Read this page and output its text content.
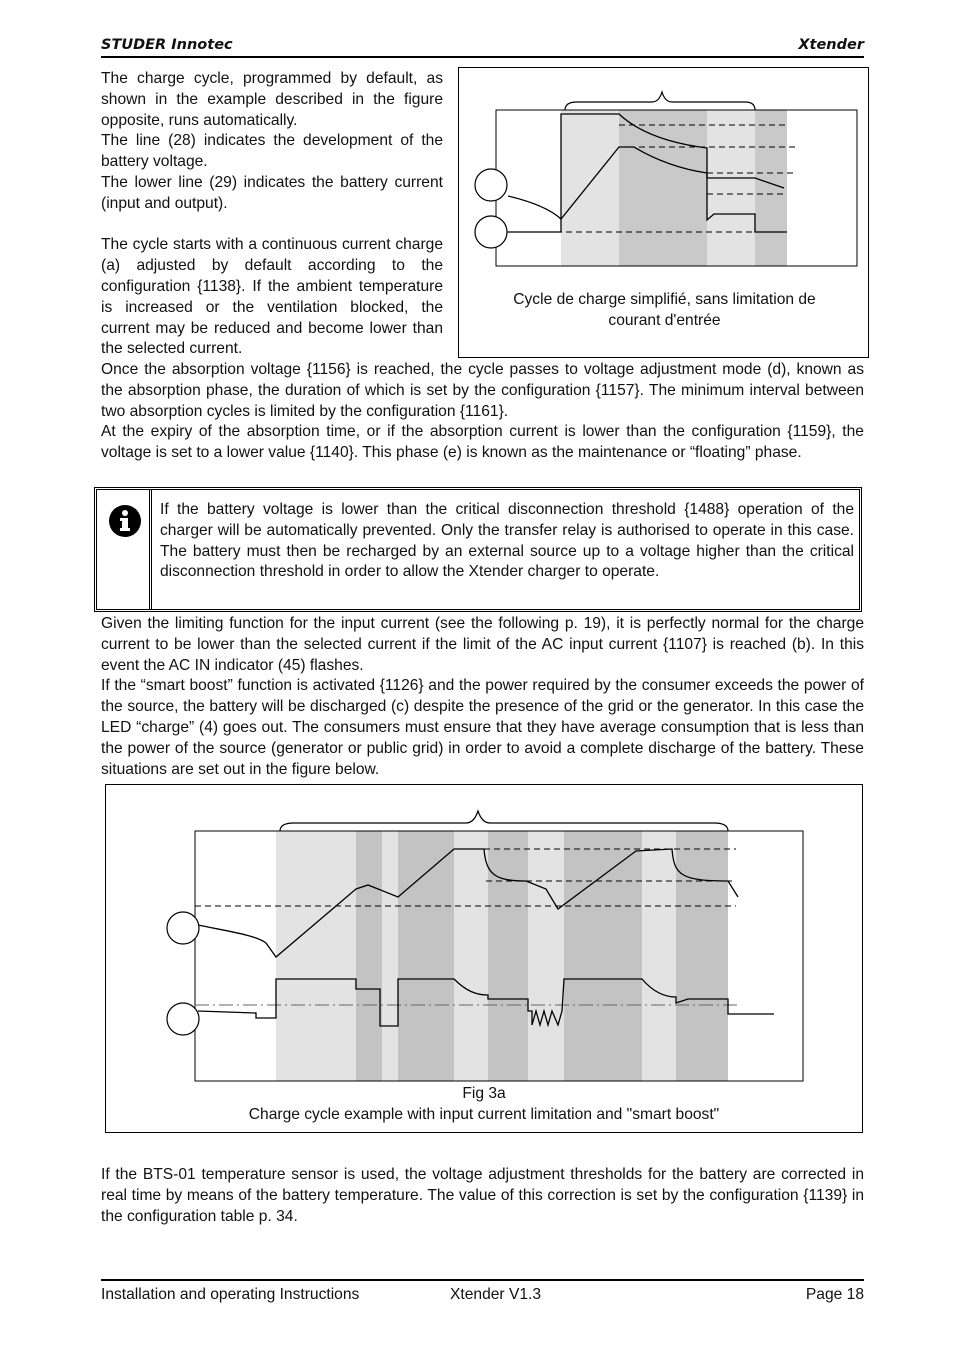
STUDER Innotec	Xtender

The charge cycle, programmed by default, as shown in the example described in the figure opposite, runs automatically.

The line (28) indicates the development of the battery voltage.

The lower line (29) indicates the battery current (input and output).

The cycle starts with a continuous current charge (a) adjusted by default according to the configuration {1138}. If the ambient temperature is increased or the ventilation blocked, the current may be reduced and become lower than the selected current.

Cycle de charge simplifié, sans limitation de
courant d'entrée

Once the absorption voltage {1156} is reached, the cycle passes to voltage adjustment mode (d), known as the absorption phase, the duration of which is set by the configuration {1157}. The minimum interval between two absorption cycles is limited by the configuration {1161}.

At the expiry of the absorption time, or if the absorption current is lower than the configuration {1159}, the voltage is set to a lower value {1140}. This phase (e) is known as the maintenance or “floating” phase.

If the battery voltage is lower than the critical disconnection threshold {1488} operation of the charger will be automatically prevented. Only the transfer relay is authorised to operate in this case. The battery must then be recharged by an external source up to a voltage higher than the critical disconnection threshold in order to allow the Xtender charger to operate.

Given the limiting function for the input current (see the following p. 19), it is perfectly normal for the charge current to be lower than the selected current if the limit of the AC input current {1107} is reached (b). In this event the AC IN indicator (45) flashes.

If the “smart boost” function is activated {1126} and the power required by the consumer exceeds the power of the source, the battery will be discharged (c) despite the presence of the grid or the generator. In this case the LED “charge” (4) goes out. The consumers must ensure that they have average consumption that is less than the power of the source (generator or public grid) in order to avoid a complete discharge of the battery. These situations are set out in the figure below.

Fig 3a
Charge cycle example with input current limitation and "smart boost"
If the BTS-01 temperature sensor is used, the voltage adjustment thresholds for the battery are corrected in real time by means of the battery temperature. The value of this correction is set by the configuration {1139} in the configuration table p. 34.
Installation and operating Instructions	Xtender V1.3	Page 18
